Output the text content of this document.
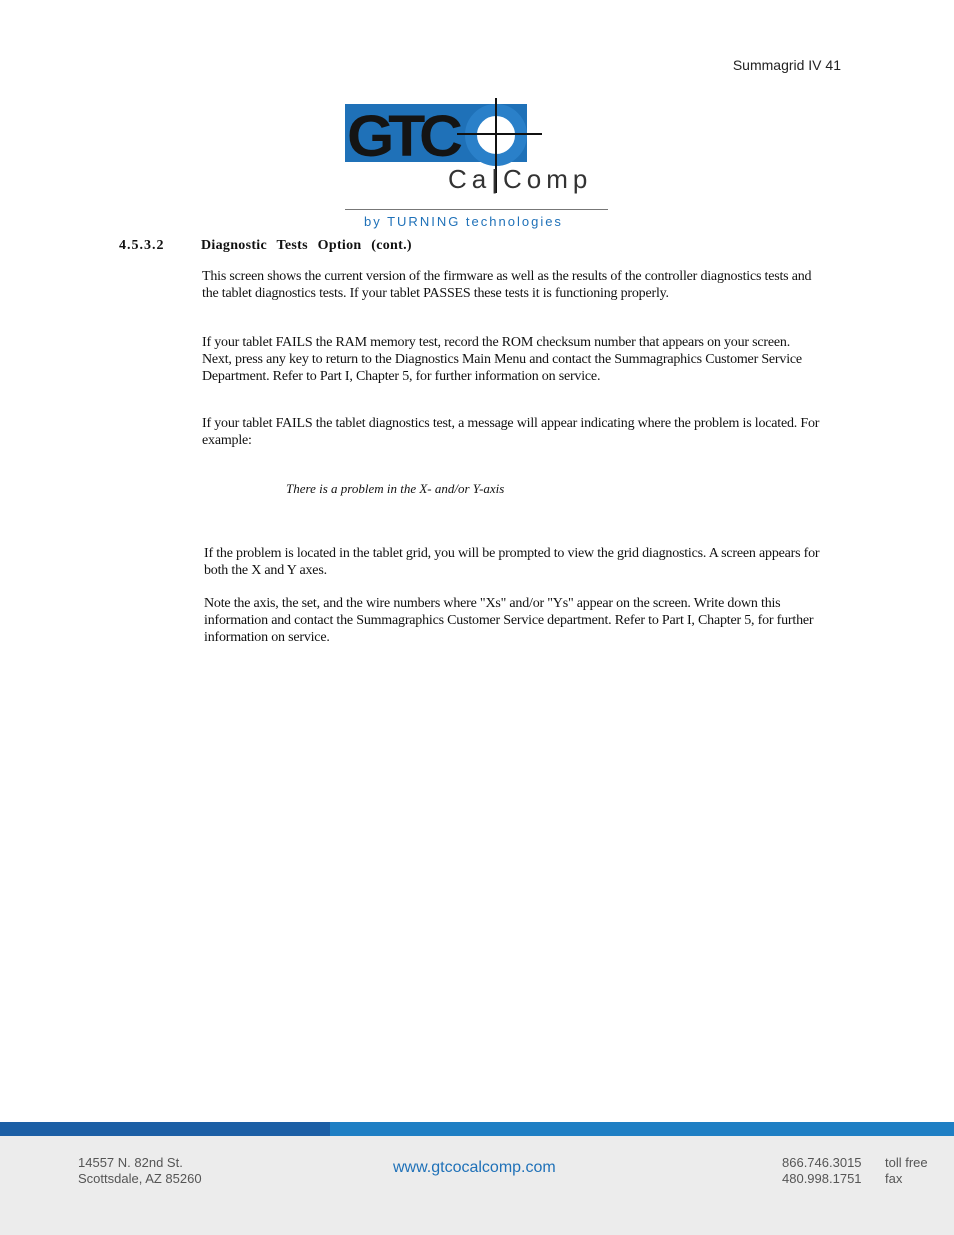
Summagrid IV 41
GTC
Ca|Comp
by TURNING technologies
4.5.3.2	Diagnostic Tests Option (cont.)
This screen shows the current version of the firmware as well as the results of the controller diagnostics tests and the tablet diagnostics tests. If your tablet PASSES these tests it is functioning properly.
If your tablet FAILS the RAM memory test, record the ROM checksum number that appears on your screen. Next, press any key to return to the Diagnostics Main Menu and contact the Summagraphics Customer Service Department. Refer to Part I, Chapter 5, for further information on service.
If your tablet FAILS the tablet diagnostics test, a message will appear indicating where the problem is located. For example:
There is a problem in the X- and/or Y-axis
If the problem is located in the tablet grid, you will be prompted to view the grid diagnostics. A screen appears for both the X and Y axes.
Note the axis, the set, and the wire numbers where "Xs" and/or "Ys" appear on the screen. Write down this information and contact the Summagraphics Customer Service department. Refer to Part I, Chapter 5, for further information on service.
14557 N. 82nd St.
Scottsdale, AZ 85260
www.gtcocalcomp.com	866.746.3015
480.998.1751
toll free
fax
